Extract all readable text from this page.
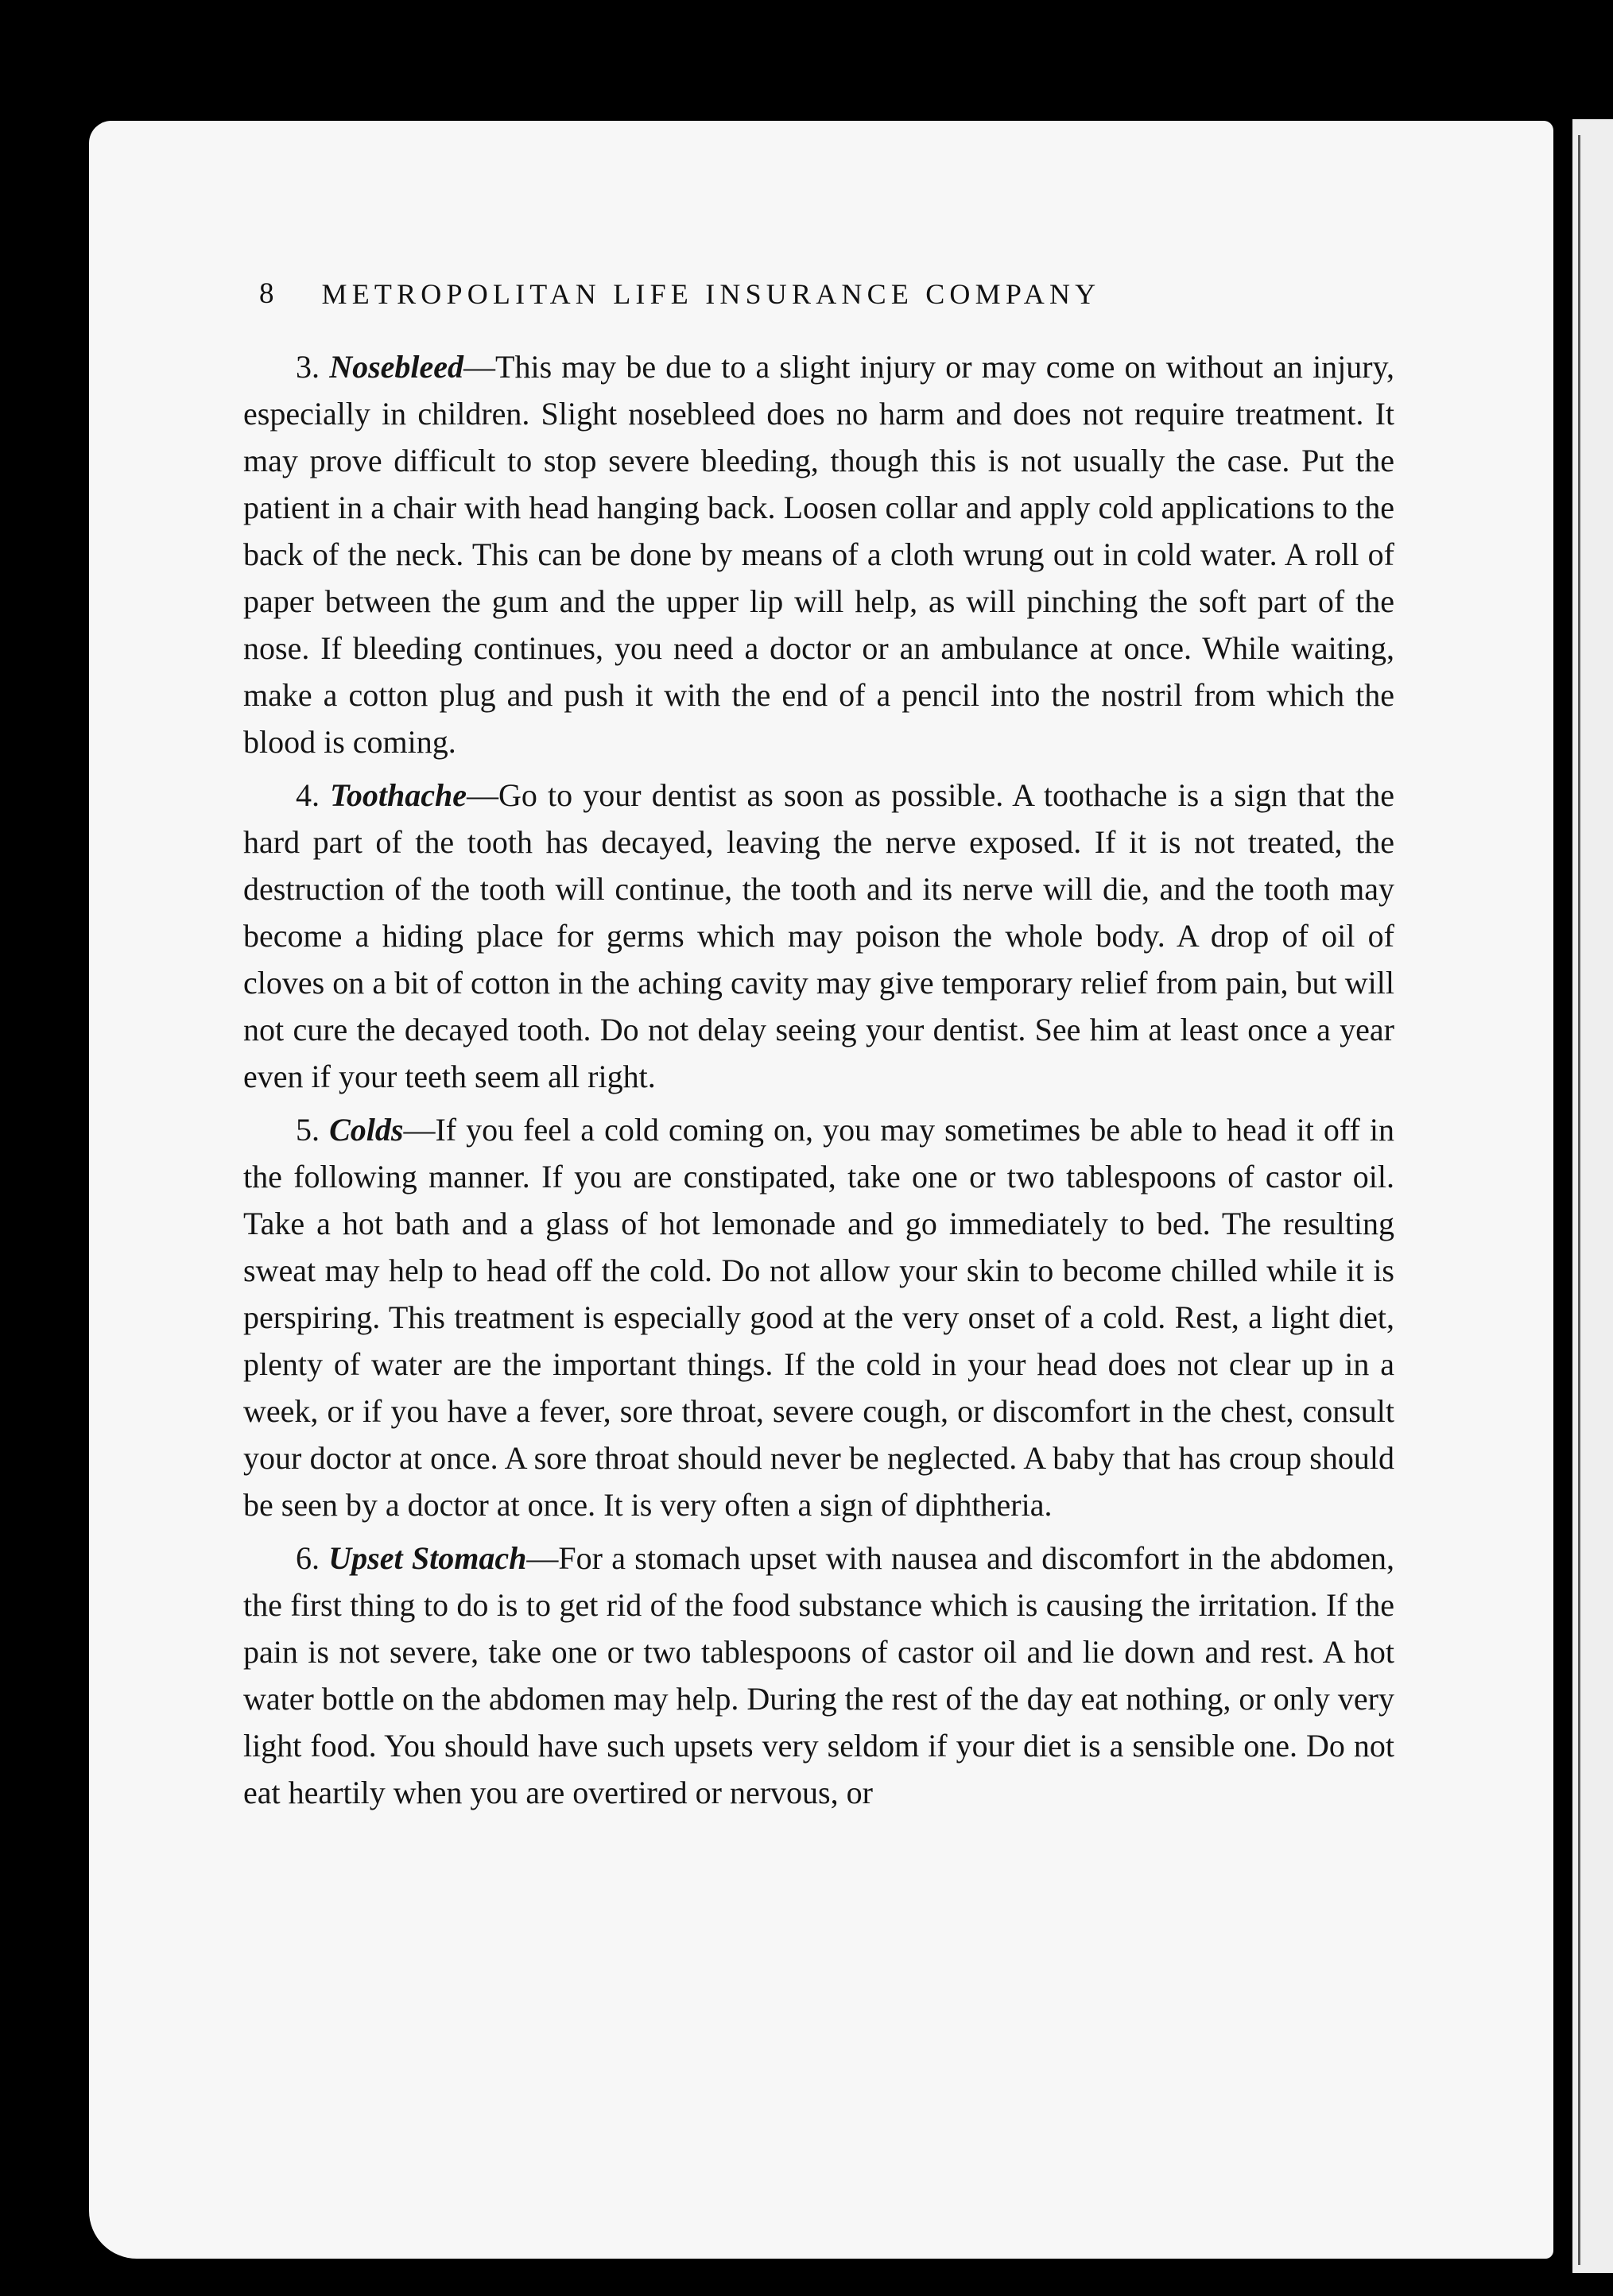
8 METROPOLITAN LIFE INSURANCE COMPANY

3. Nosebleed—This may be due to a slight injury or may come on without an injury, especially in children. Slight nosebleed does no harm and does not require treatment. It may prove difficult to stop severe bleeding, though this is not usually the case. Put the patient in a chair with head hanging back. Loosen collar and apply cold applications to the back of the neck. This can be done by means of a cloth wrung out in cold water. A roll of paper between the gum and the upper lip will help, as will pinching the soft part of the nose. If bleeding continues, you need a doctor or an ambulance at once. While waiting, make a cotton plug and push it with the end of a pencil into the nostril from which the blood is coming.

4. Toothache—Go to your dentist as soon as possible. A toothache is a sign that the hard part of the tooth has decayed, leaving the nerve exposed. If it is not treated, the destruction of the tooth will continue, the tooth and its nerve will die, and the tooth may become a hiding place for germs which may poison the whole body. A drop of oil of cloves on a bit of cotton in the aching cavity may give temporary relief from pain, but will not cure the decayed tooth. Do not delay seeing your dentist. See him at least once a year even if your teeth seem all right.

5. Colds—If you feel a cold coming on, you may sometimes be able to head it off in the following manner. If you are constipated, take one or two tablespoons of castor oil. Take a hot bath and a glass of hot lemonade and go immediately to bed. The resulting sweat may help to head off the cold. Do not allow your skin to become chilled while it is perspiring. This treatment is especially good at the very onset of a cold. Rest, a light diet, plenty of water are the important things. If the cold in your head does not clear up in a week, or if you have a fever, sore throat, severe cough, or discomfort in the chest, consult your doctor at once. A sore throat should never be neglected. A baby that has croup should be seen by a doctor at once. It is very often a sign of diphtheria.

6. Upset Stomach—For a stomach upset with nausea and discomfort in the abdomen, the first thing to do is to get rid of the food substance which is causing the irritation. If the pain is not severe, take one or two tablespoons of castor oil and lie down and rest. A hot water bottle on the abdomen may help. During the rest of the day eat nothing, or only very light food. You should have such upsets very seldom if your diet is a sensible one. Do not eat heartily when you are overtired or nervous, or
